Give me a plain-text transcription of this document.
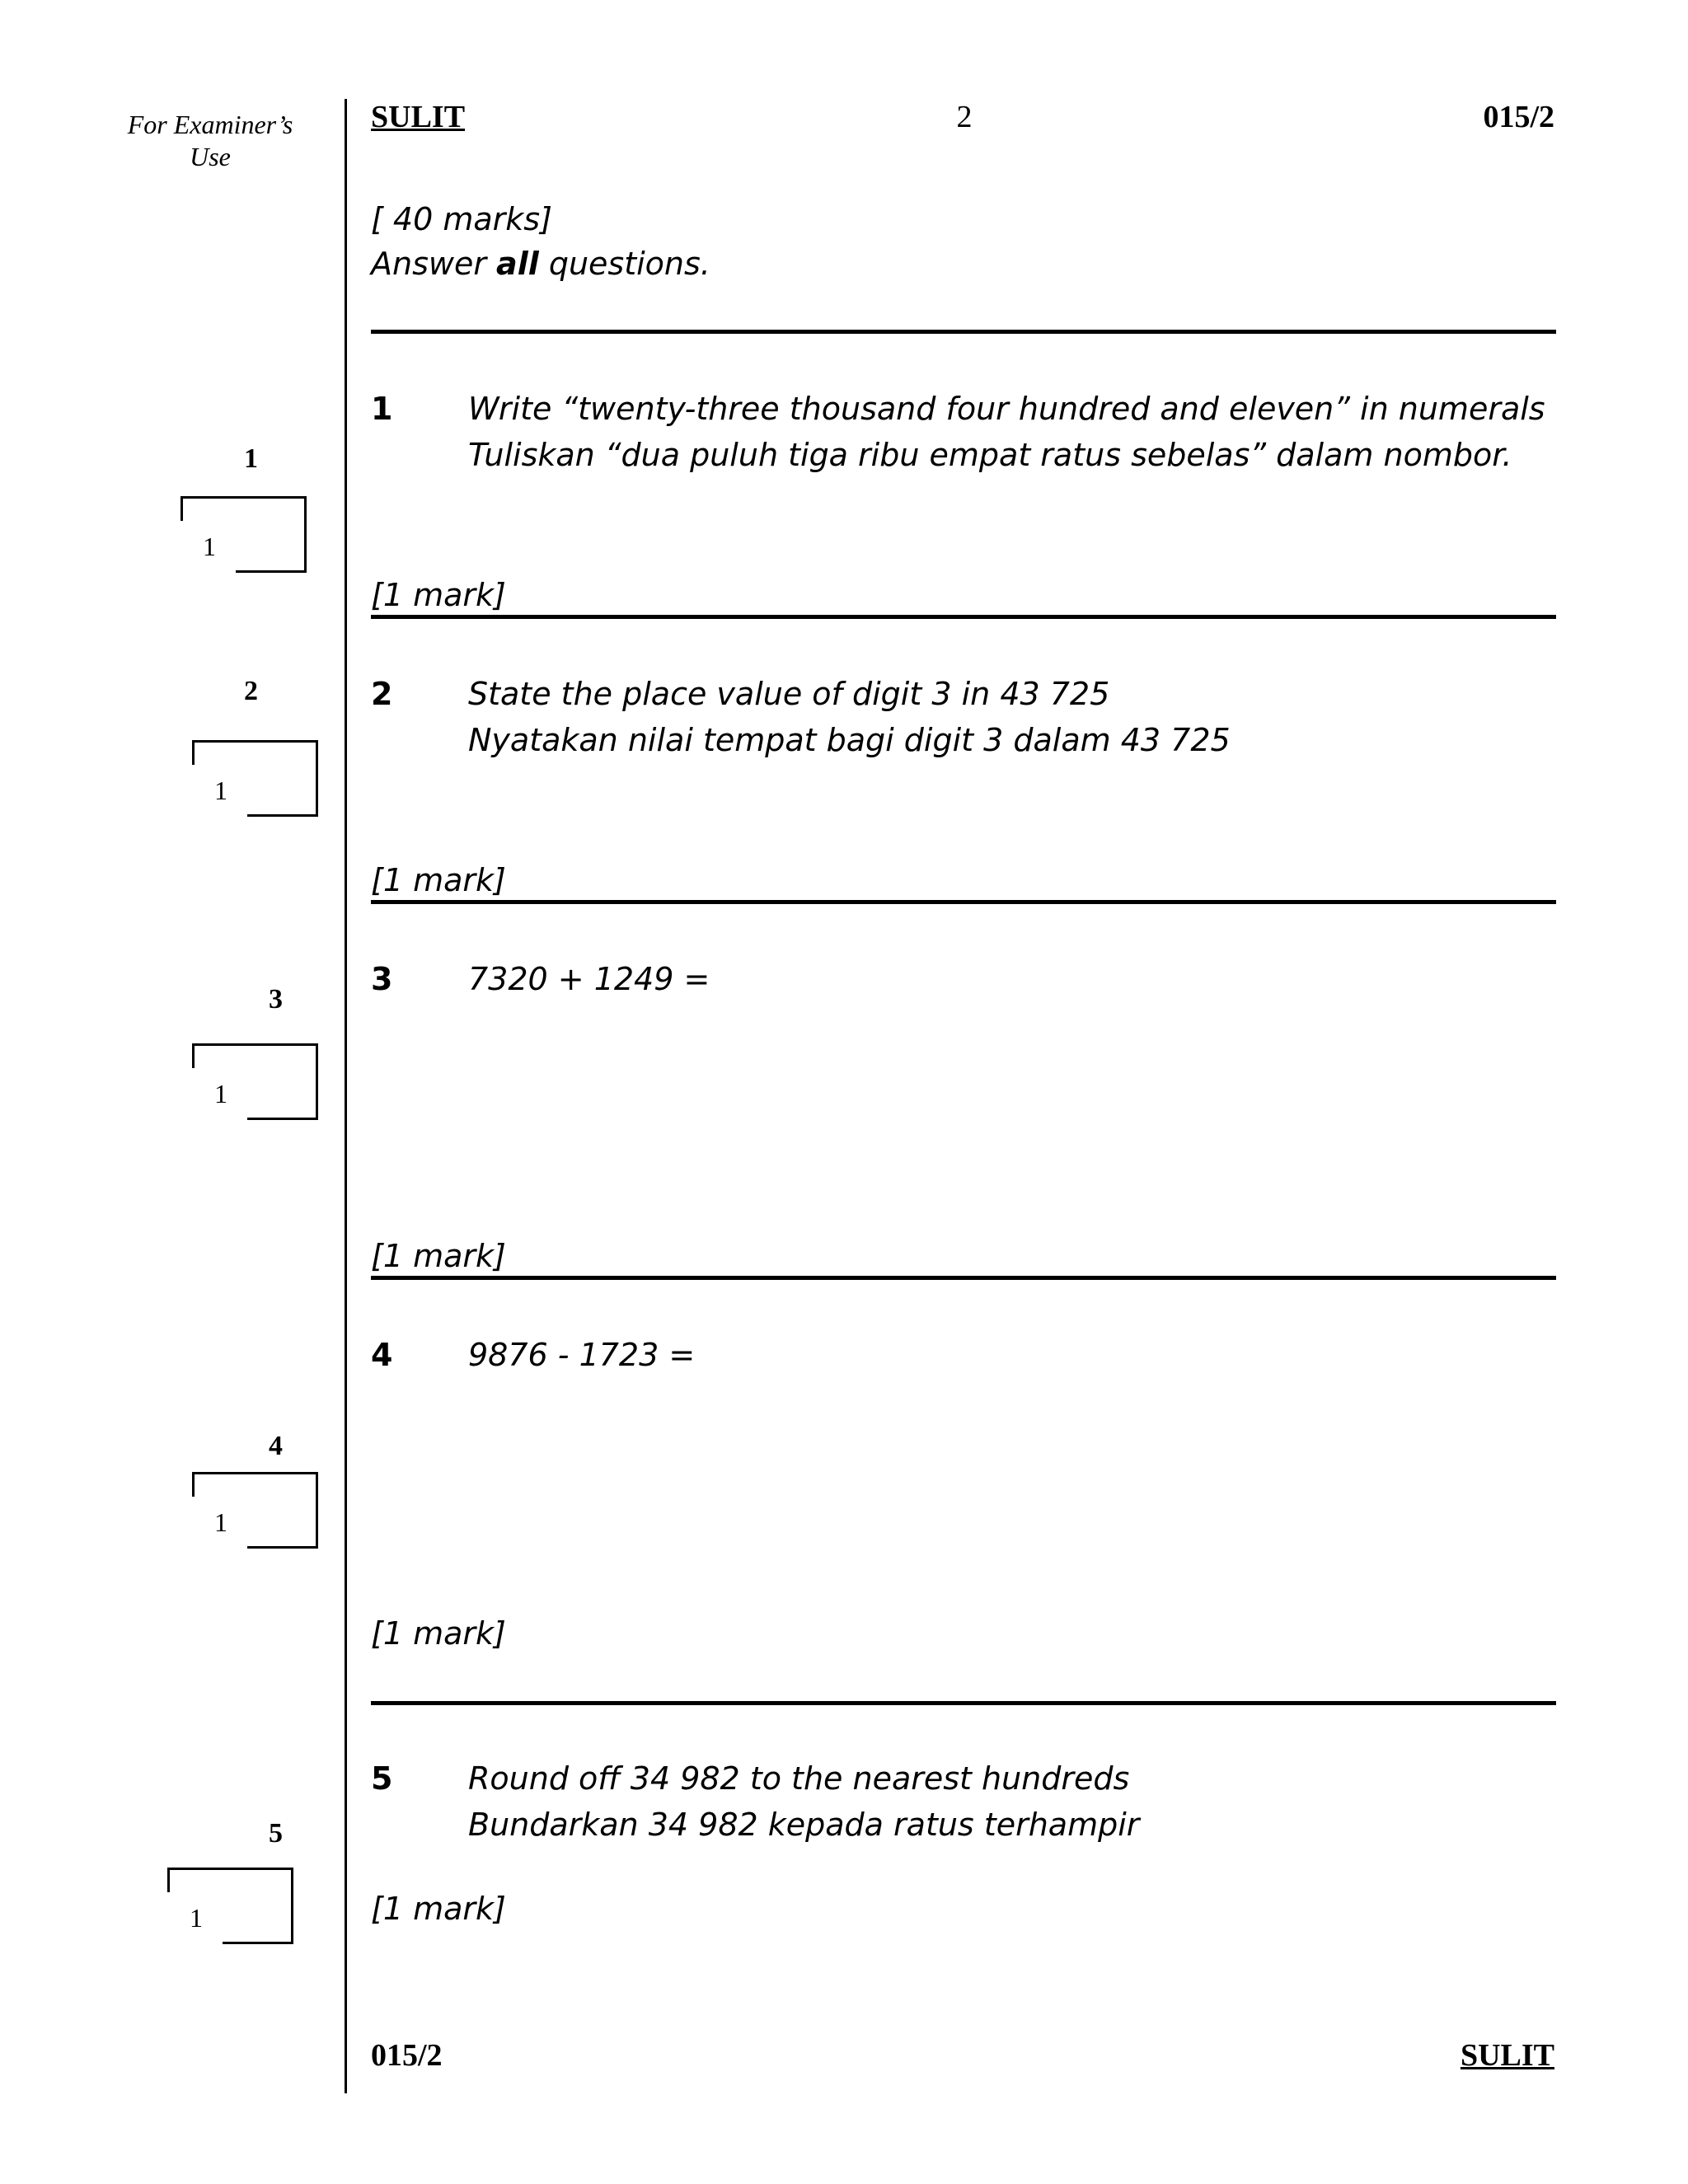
For Examiner’s Use
SULIT	2	015/2
[ 40 marks]
Answer all questions.
1 Write “twenty-three thousand four hundred and eleven” in numerals
Tuliskan “dua puluh tiga ribu empat ratus sebelas” dalam nombor.
[1 mark]
1
1
2 State the place value of digit 3 in 43 725
Nyatakan nilai tempat bagi digit 3 dalam 43 725
[1 mark]
2
1
3 7320 + 1249 =
[1 mark]
3
1
4 9876 - 1723 =
[1 mark]
4
1
5 Round off 34 982 to the nearest hundreds
Bundarkan 34 982 kepada ratus terhampir
[1 mark]
5
1
015/2	SULIT
